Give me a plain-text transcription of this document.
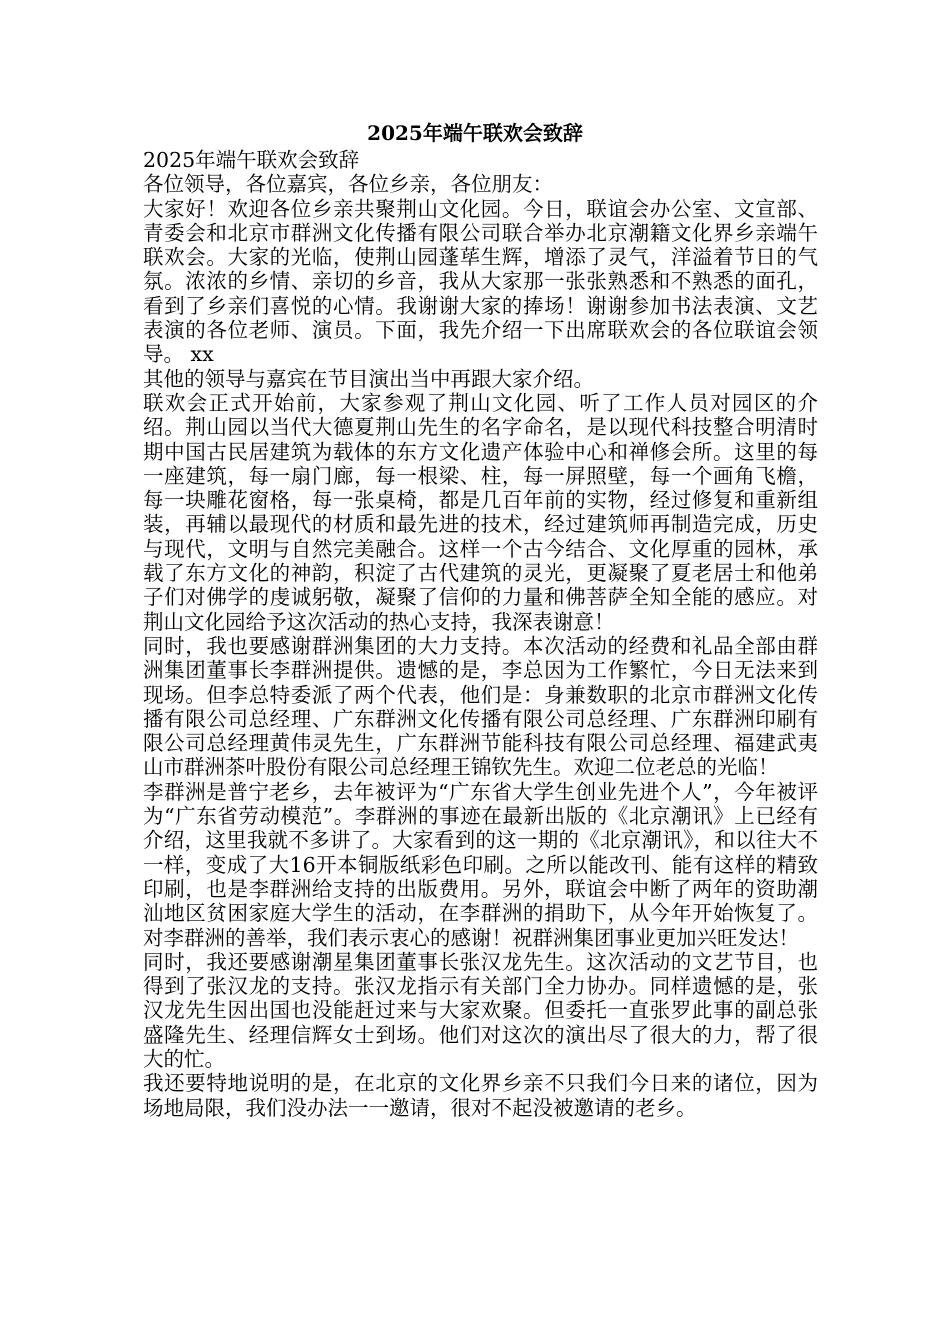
2025年端午联欢会致辞

2025年端午联欢会致辞

各位领导，各位嘉宾，各位乡亲，各位朋友：

大家好！欢迎各位乡亲共聚荆山文化园。今日，联谊会办公室、文宣部、青委会和北京市群洲文化传播有限公司联合举办北京潮籍文化界乡亲端午联欢会。大家的光临，使荆山园蓬荜生辉，增添了灵气，洋溢着节日的气氛。浓浓的乡情、亲切的乡音，我从大家那一张张熟悉和不熟悉的面孔，看到了乡亲们喜悦的心情。我谢谢大家的捧场！谢谢参加书法表演、文艺表演的各位老师、演员。下面，我先介绍一下出席联欢会的各位联谊会领导。 xx

其他的领导与嘉宾在节目演出当中再跟大家介绍。

联欢会正式开始前，大家参观了荆山文化园、听了工作人员对园区的介绍。荆山园以当代大德夏荆山先生的名字命名，是以现代科技整合明清时期中国古民居建筑为载体的东方文化遗产体验中心和禅修会所。这里的每一座建筑，每一扇门廊，每一根梁、柱，每一屏照壁，每一个画角飞檐，每一块雕花窗格，每一张桌椅，都是几百年前的实物，经过修复和重新组装，再辅以最现代的材质和最先进的技术，经过建筑师再制造完成，历史与现代，文明与自然完美融合。这样一个古今结合、文化厚重的园林，承载了东方文化的神韵，积淀了古代建筑的灵光，更凝聚了夏老居士和他弟子们对佛学的虔诚躬敬，凝聚了信仰的力量和佛菩萨全知全能的感应。对荆山文化园给予这次活动的热心支持，我深表谢意！

同时，我也要感谢群洲集团的大力支持。本次活动的经费和礼品全部由群洲集团董事长李群洲提供。遗憾的是，李总因为工作繁忙，今日无法来到现场。但李总特委派了两个代表，他们是：身兼数职的北京市群洲文化传播有限公司总经理、广东群洲文化传播有限公司总经理、广东群洲印刷有限公司总经理黄伟灵先生，广东群洲节能科技有限公司总经理、福建武夷山市群洲茶叶股份有限公司总经理王锦钦先生。欢迎二位老总的光临！

李群洲是普宁老乡，去年被评为“广东省大学生创业先进个人”，今年被评为“广东省劳动模范”。李群洲的事迹在最新出版的《北京潮讯》上已经有介绍，这里我就不多讲了。大家看到的这一期的《北京潮讯》，和以往大不一样，变成了大16开本铜版纸彩色印刷。之所以能改刊、能有这样的精致印刷，也是李群洲给支持的出版费用。另外，联谊会中断了两年的资助潮汕地区贫困家庭大学生的活动，在李群洲的捐助下，从今年开始恢复了。对李群洲的善举，我们表示衷心的感谢！祝群洲集团事业更加兴旺发达！

同时，我还要感谢潮星集团董事长张汉龙先生。这次活动的文艺节目，也得到了张汉龙的支持。张汉龙指示有关部门全力协办。同样遗憾的是，张汉龙先生因出国也没能赶过来与大家欢聚。但委托一直张罗此事的副总张盛隆先生、经理信辉女士到场。他们对这次的演出尽了很大的力，帮了很大的忙。

我还要特地说明的是，在北京的文化界乡亲不只我们今日来的诸位，因为场地局限，我们没办法一一邀请，很对不起没被邀请的老乡。
